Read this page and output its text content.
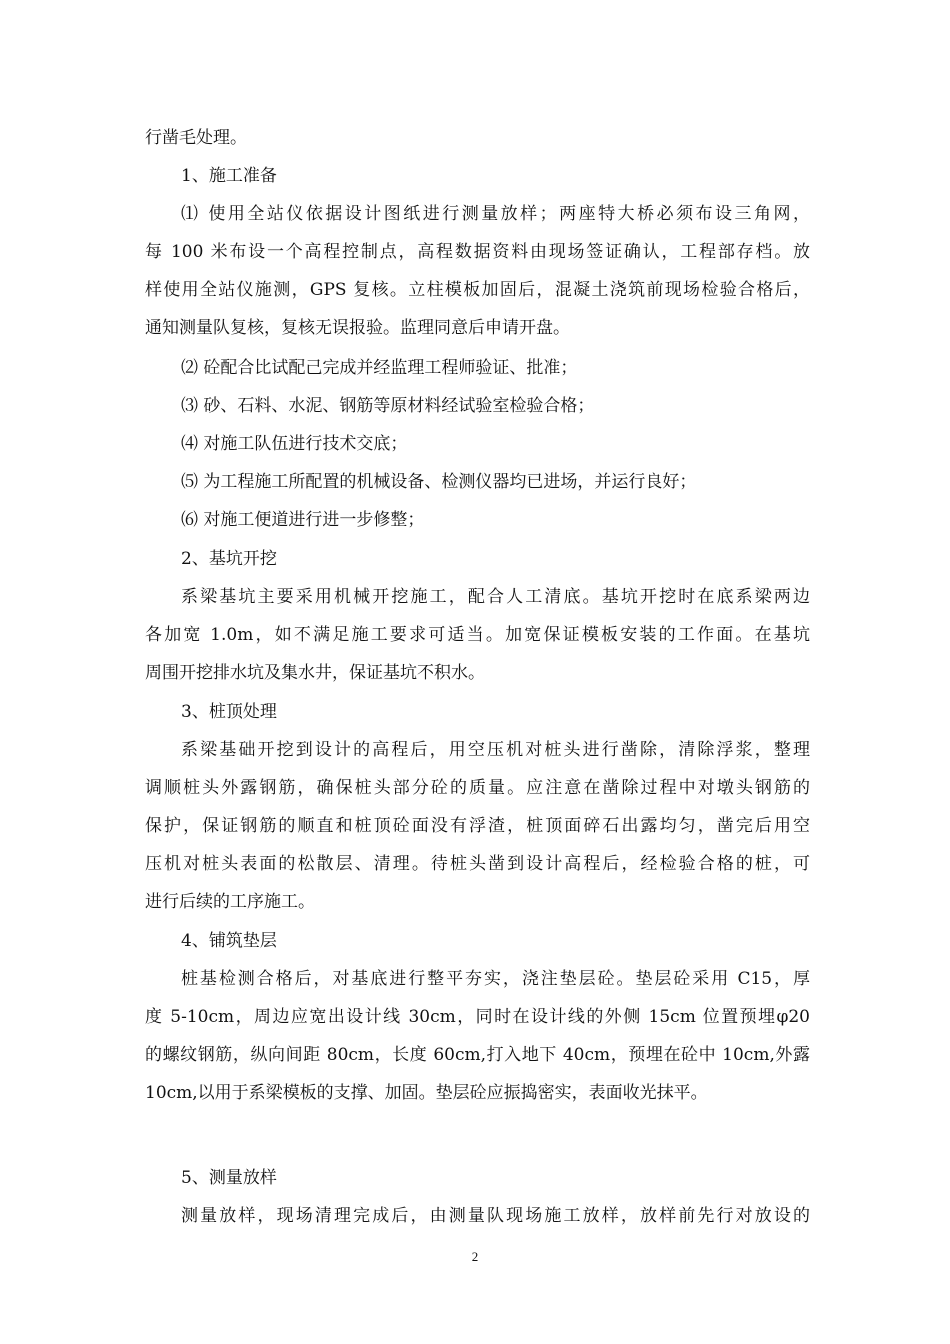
行凿毛处理。
1、施工准备
⑴ 使用全站仪依据设计图纸进行测量放样；两座特大桥必须布设三角网，
每 100 米布设一个高程控制点，高程数据资料由现场签证确认，工程部存档。放
样使用全站仪施测，GPS 复核。立柱模板加固后，混凝土浇筑前现场检验合格后，
通知测量队复核，复核无误报验。监理同意后申请开盘。
⑵ 砼配合比试配己完成并经监理工程师验证、批准；
⑶ 砂、石料、水泥、钢筋等原材料经试验室检验合格；
⑷ 对施工队伍进行技术交底；
⑸ 为工程施工所配置的机械设备、检测仪器均已进场，并运行良好；
⑹ 对施工便道进行进一步修整；
2、基坑开挖
系梁基坑主要采用机械开挖施工，配合人工清底。基坑开挖时在底系梁两边
各加宽 1.0m，如不满足施工要求可适当。加宽保证模板安装的工作面。在基坑
周围开挖排水坑及集水井，保证基坑不积水。
3、桩顶处理
系梁基础开挖到设计的高程后，用空压机对桩头进行凿除，清除浮浆，整理
调顺桩头外露钢筋，确保桩头部分砼的质量。应注意在凿除过程中对墩头钢筋的
保护，保证钢筋的顺直和桩顶砼面没有浮渣，桩顶面碎石出露均匀，凿完后用空
压机对桩头表面的松散层、清理。待桩头凿到设计高程后，经检验合格的桩，可
进行后续的工序施工。
4、铺筑垫层
桩基检测合格后，对基底进行整平夯实，浇注垫层砼。垫层砼采用 C15，厚
度 5-10cm，周边应宽出设计线 30cm，同时在设计线的外侧 15cm 位置预埋φ20
的螺纹钢筋，纵向间距 80cm，长度 60cm,打入地下 40cm，预埋在砼中 10cm,外露
10cm,以用于系梁模板的支撑、加固。垫层砼应振捣密实，表面收光抹平。
5、测量放样
测量放样，现场清理完成后，由测量队现场施工放样，放样前先行对放设的
2
